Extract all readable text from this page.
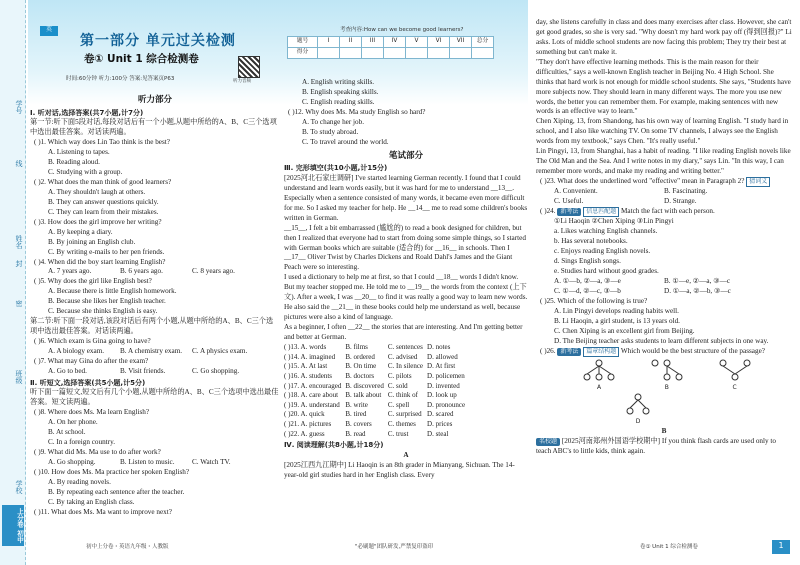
学号
线
姓名
封
密
班级
学校
上分卷 初中
英
第一部分 单元过关检测
卷① Unit 1 综合检测卷
时间:60分钟 听力:100分 答案:见答案页P63	听力音频
考查内容:How can we become good learners?
题号	I	II	III	IV	V	VI	VII	总分
得分								
听力部分
Ⅰ. 听对话,选择答案(共7小题,计7分)
第一节:听下面5段对话,每段对话后有一个小题,从题中所给的A、B、C三个选项中选出最佳答案。对话读两遍。
( )1. Which way does Lin Tao think is the best?
A. Listening to tapes.
B. Reading aloud.
C. Studying with a group.
( )2. What does the man think of good learners?
A. They shouldn't laugh at others.
B. They can answer questions quickly.
C. They can learn from their mistakes.
( )3. How does the girl improve her writing?
A. By keeping a diary.
B. By joining an English club.
C. By writing e-mails to her pen friends.
( )4. When did the boy start learning English?
A. 7 years ago.	B. 6 years ago.	C. 8 years ago.
( )5. Why does the girl like English best?
A. Because there is little English homework.
B. Because she likes her English teacher.
C. Because she thinks English is easy.
第二节:听下面一段对话,该段对话后有两个小题,从题中所给的A、B、C三个选项中选出最佳答案。对话读两遍。
( )6. Which exam is Gina going to have?
A. A biology exam. B. A chemistry exam. C. A physics exam.
( )7. What may Gina do after the exam?
A. Go to bed.	B. Visit friends.	C. Go shopping.
Ⅱ. 听短文,选择答案(共5小题,计5分)
听下面一篇短文,短文后有几个小题,从题中所给的A、B、C三个选项中选出最佳答案。短文读两遍。
( )8. Where does Ms. Ma learn English?
A. On her phone.
B. At school.
C. In a foreign country.
( )9. What did Ms. Ma use to do after work?
A. Go shopping.	B. Listen to music. C. Watch TV.
( )10. How does Ms. Ma practice her spoken English?
A. By reading novels.
B. By repeating each sentence after the teacher.
C. By taking an English class.
( )11. What does Ms. Ma want to improve next?
A. English writing skills.
B. English speaking skills.
C. English reading skills.
( )12. Why does Ms. Ma study English so hard?
A. To change her job.
B. To study abroad.
C. To travel around the world.
笔试部分
Ⅲ. 完形填空(共10小题,计15分)
[2025河北石家庄调研] I've started learning German recently. I found that I could understand and learn words easily, but it was hard for me to understand __13__. Especially when a sentence consisted of many words, it became even more difficult for me. So I asked my teacher for help. He __14__ me to read some children's books written in German.
__15__, I felt a bit embarrassed (尴尬的) to read a book designed for children, but then I realized that everyone had to start from doing some simple things, so I started with German books which are suitable (适合的) for __16__ in schools. Then I __17__ Oliver Twist by Charles Dickens and Roald Dahl's James and the Giant Peach were so interesting.
I used a dictionary to help me at first, so that I could __18__ words I didn't know. But my teacher stopped me. He told me to __19__ the words from the context (上下文). After a week, I was __20__ to find it was really a good way to learn new words. He also said the __21__ in these books could help me understand as well, because pictures were also a kind of language.
As a beginner, I often __22__ the stories that are interesting. And I'm getting better and better at German.
( )13. A. words	B. films	C. sentences	D. notes
( )14. A. imagined	B. ordered	C. advised	D. allowed
( )15. A. At last	B. On time	C. In silence	D. At first
( )16. A. students	B. doctors	C. pilots	D. policemen
( )17. A. encouraged	B. discovered	C. sold	D. invented
( )18. A. care about	B. talk about	C. think of	D. look up
( )19. A. understand	B. write	C. spell	D. pronounce
( )20. A. quick	B. tired	C. surprised	D. scared
( )21. A. pictures	B. covers	C. themes	D. prices
( )22. A. guess	B. read	C. trust	D. steal
Ⅳ. 阅读理解(共8小题,计18分)
A
[2025江西九江期中] Li Haoqin is an 8th grader in Mianyang, Sichuan. The 14-year-old girl studies hard in her English class. Every
day, she listens carefully in class and does many exercises after class. However, she can't get good grades, so she is very sad. "Why doesn't my hard work pay off (得到回报)?" Li asks. Lots of middle school students are now facing this problem; They try their best at something but can't make it.
"They don't have effective learning methods. This is the main reason for their difficulties," says a well-known English teacher in Beijing No. 4 High School. She thinks that hard work is not enough for middle school students. She says, "Students have more subjects now. They should learn in many different ways. The more you use new words, the better you can remember them. For example, making sentences with new words is an effective way to learn."
Chen Xiping, 13, from Shandong, has his own way of learning English. "I study hard in school, and I also like watching TV. On some TV channels, I always see the English words from my textbook," says Chen. "It's really useful."
Lin Pingyi, 13, from Shanghai, has a habit of reading. "I like reading English novels like The Old Man and the Sea. And I write notes in my diary," says Lin. "In this way, I can remember more words, and make my reading and writing better."
( )23. What does the underlined word "effective" mean in Paragraph 2? 猜词义
A. Convenient.	B. Fascinating.
C. Useful.	D. Strange.
( )24. 新考法 信息匹配题 Match the fact with each person.
①Li Haoqin ②Chen Xiping ③Lin Pingyi
a. Likes watching English channels.
b. Has several notebooks.
c. Enjoys reading English novels.
d. Sings English songs.
e. Studies hard without good grades.
A. ①—b, ②—a, ③—e	B. ①—e, ②—a, ③—c
C. ①—d, ②—c, ③—b	D. ①—a, ②—b, ③—c
( )25. Which of the following is true?
A. Lin Pingyi develops reading habits well.
B. Li Haoqin, a girl student, is 13 years old.
C. Chen Xiping is an excellent girl from Beijing.
D. The Beijing teacher asks students to learn different subjects in one way.
( )26. 新考法 篇章结构题 Which would be the best structure of the passage?
A
	B
	C
D
B
名校题 [2025河南郑州外国语学校期中] If you think flash cards are used only to teach ABC's to little kids, think again.
初中上分卷・英语九年级・人教版	"必刷题"团队研发,严禁复印盗印	卷① Unit 1 综合检测卷	1
